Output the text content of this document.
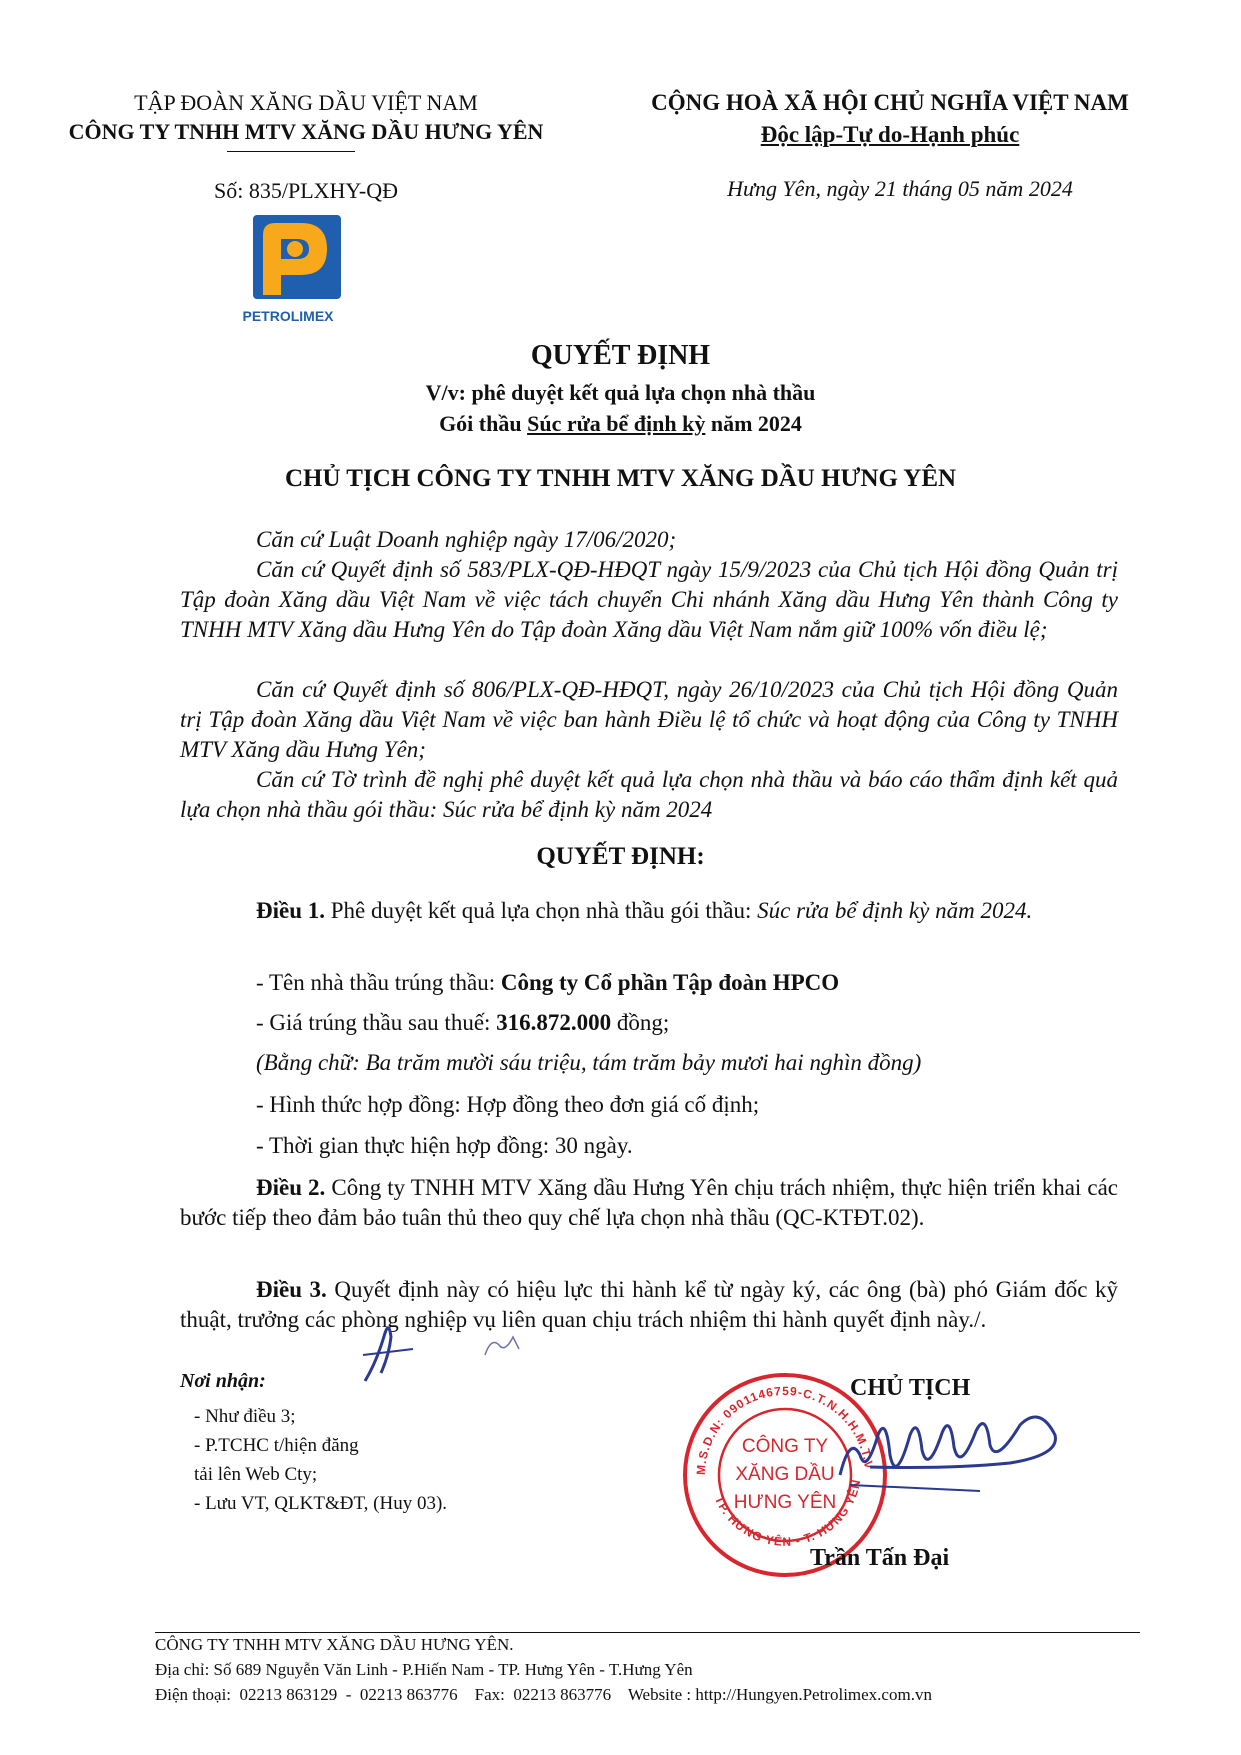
TẬP ĐOÀN XĂNG DẦU VIỆT NAM
CÔNG TY TNHH MTV XĂNG DẦU HƯNG YÊN
Số: 835/PLXHY-QĐ
CỘNG HOÀ XÃ HỘI CHỦ NGHĨA VIỆT NAM
Độc lập-Tự do-Hạnh phúc
Hưng Yên, ngày 21 tháng 05 năm 2024
PETROLIMEX
QUYẾT ĐỊNH
V/v: phê duyệt kết quả lựa chọn nhà thầu
Gói thầu Súc rửa bể định kỳ năm 2024
CHỦ TỊCH CÔNG TY TNHH MTV XĂNG DẦU HƯNG YÊN
Căn cứ Luật Doanh nghiệp ngày 17/06/2020;
Căn cứ Quyết định số 583/PLX-QĐ-HĐQT ngày 15/9/2023 của Chủ tịch Hội đồng Quản trị Tập đoàn Xăng dầu Việt Nam về việc tách chuyển Chi nhánh Xăng dầu Hưng Yên thành Công ty TNHH MTV Xăng dầu Hưng Yên do Tập đoàn Xăng dầu Việt Nam nắm giữ 100% vốn điều lệ;
Căn cứ Quyết định số 806/PLX-QĐ-HĐQT, ngày 26/10/2023 của Chủ tịch Hội đồng Quản trị Tập đoàn Xăng dầu Việt Nam về việc ban hành Điều lệ tổ chức và hoạt động của Công ty TNHH MTV Xăng dầu Hưng Yên;
Căn cứ Tờ trình đề nghị phê duyệt kết quả lựa chọn nhà thầu và báo cáo thẩm định kết quả lựa chọn nhà thầu gói thầu: Súc rửa bể định kỳ năm 2024
QUYẾT ĐỊNH:
Điều 1. Phê duyệt kết quả lựa chọn nhà thầu gói thầu: Súc rửa bể định kỳ năm 2024.
- Tên nhà thầu trúng thầu: Công ty Cổ phần Tập đoàn HPCO
- Giá trúng thầu sau thuế: 316.872.000 đồng;
(Bằng chữ: Ba trăm mười sáu triệu, tám trăm bảy mươi hai nghìn đồng)
- Hình thức hợp đồng: Hợp đồng theo đơn giá cố định;
- Thời gian thực hiện hợp đồng: 30 ngày.
Điều 2. Công ty TNHH MTV Xăng dầu Hưng Yên chịu trách nhiệm, thực hiện triển khai các bước tiếp theo đảm bảo tuân thủ theo quy chế lựa chọn nhà thầu (QC-KTĐT.02).
Điều 3. Quyết định này có hiệu lực thi hành kể từ ngày ký, các ông (bà) phó Giám đốc kỹ thuật, trưởng các phòng nghiệp vụ liên quan chịu trách nhiệm thi hành quyết định này./.
Nơi nhận:
- Như điều 3;
- P.TCHC t/hiện đăng
tải lên Web Cty;
- Lưu VT, QLKT&ĐT, (Huy 03).
CHỦ TỊCH
M.S.D.N: 0901146759-C.T.N.H.H.M.T.V
TP. HƯNG YÊN - T. HƯNG YÊN
CÔNG TY
XĂNG DẦU
HƯNG YÊN
Trần Tấn Đại
CÔNG TY TNHH MTV XĂNG DẦU HƯNG YÊN.
Địa chỉ: Số 689 Nguyễn Văn Linh - P.Hiến Nam - TP. Hưng Yên - T.Hưng Yên
Điện thoại:  02213 863129  -  02213 863776    Fax:  02213 863776    Website : http://Hungyen.Petrolimex.com.vn
